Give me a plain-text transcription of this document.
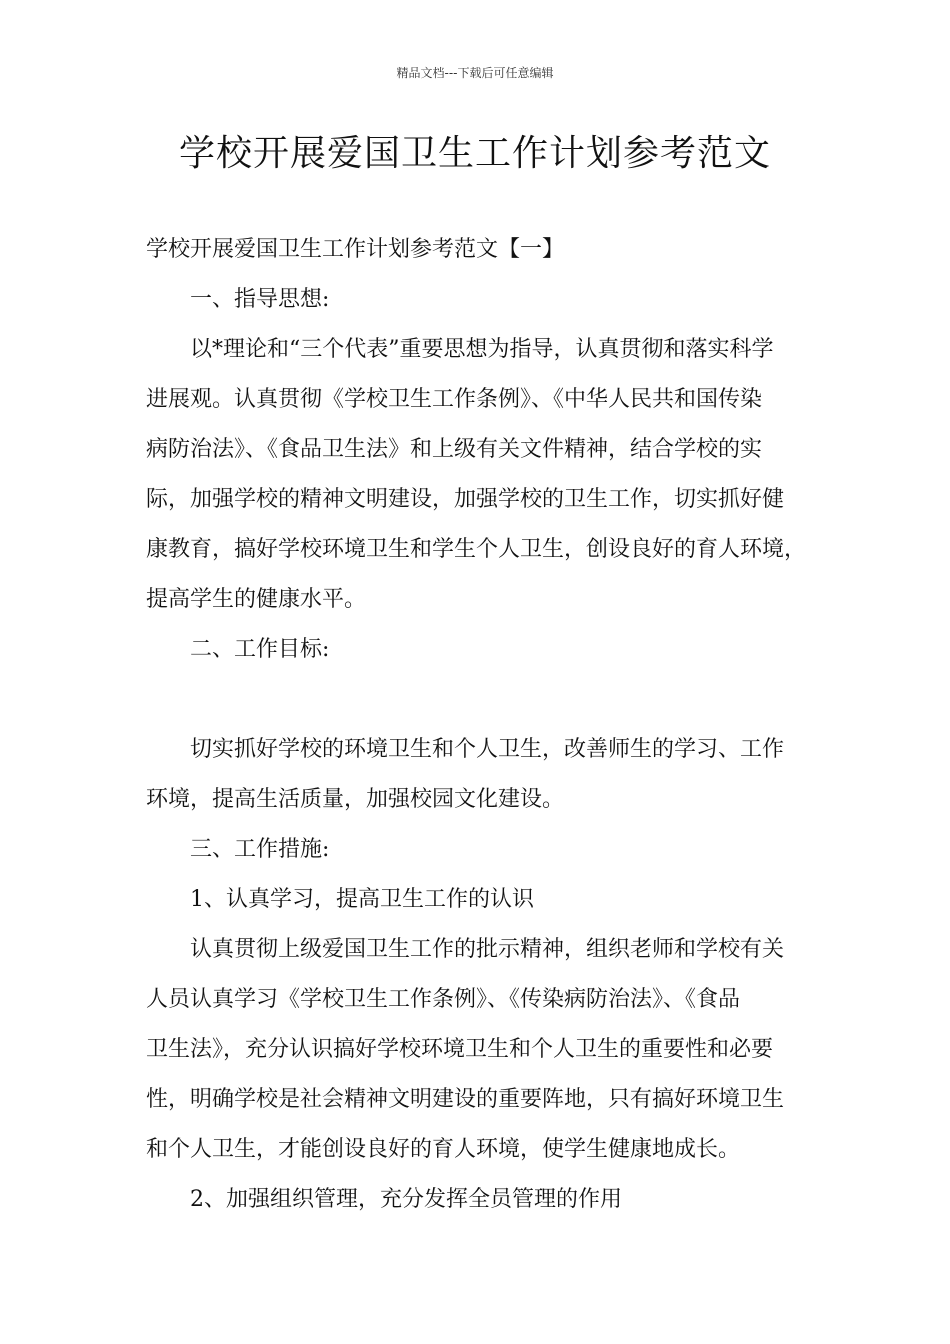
精品文档---下载后可任意编辑
学校开展爱国卫生工作计划参考范文
学校开展爱国卫生工作计划参考范文【一】
一、指导思想:
以*理论和“三个代表”重要思想为指导，认真贯彻和落实科学
进展观。认真贯彻《学校卫生工作条例》、《中华人民共和国传染
病防治法》、《食品卫生法》和上级有关文件精神，结合学校的实
际，加强学校的精神文明建设，加强学校的卫生工作，切实抓好健
康教育，搞好学校环境卫生和学生个人卫生，创设良好的育人环境，
提高学生的健康水平。
二、工作目标:
切实抓好学校的环境卫生和个人卫生，改善师生的学习、工作
环境，提高生活质量，加强校园文化建设。
三、工作措施:
1、认真学习，提高卫生工作的认识
认真贯彻上级爱国卫生工作的批示精神，组织老师和学校有关
人员认真学习《学校卫生工作条例》、《传染病防治法》、《食品
卫生法》，充分认识搞好学校环境卫生和个人卫生的重要性和必要
性，明确学校是社会精神文明建设的重要阵地，只有搞好环境卫生
和个人卫生，才能创设良好的育人环境，使学生健康地成长。
2、加强组织管理，充分发挥全员管理的作用
